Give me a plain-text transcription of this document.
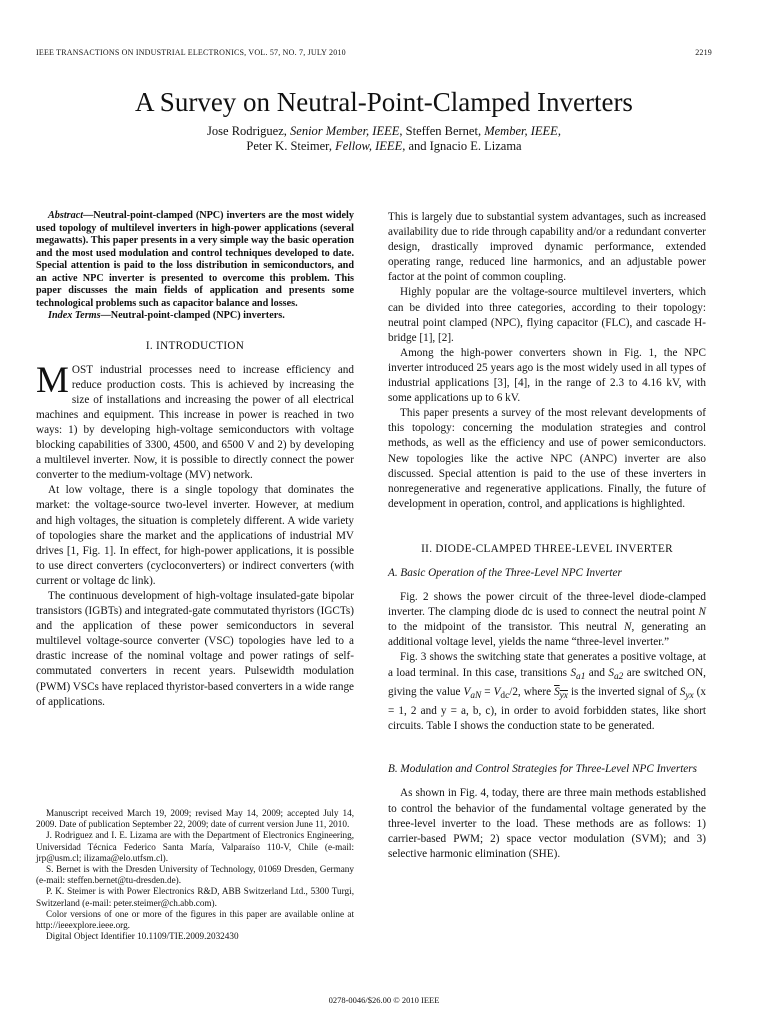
IEEE TRANSACTIONS ON INDUSTRIAL ELECTRONICS, VOL. 57, NO. 7, JULY 2010	2219
A Survey on Neutral-Point-Clamped Inverters
Jose Rodriguez, Senior Member, IEEE, Steffen Bernet, Member, IEEE,
Peter K. Steimer, Fellow, IEEE, and Ignacio E. Lizama

Abstract—Neutral-point-clamped (NPC) inverters are the most widely used topology of multilevel inverters in high-power applications (several megawatts). This paper presents in a very simple way the basic operation and the most used modulation and control techniques developed to date. Special attention is paid to the loss distribution in semiconductors, and an active NPC inverter is presented to overcome this problem. This paper discusses the main fields of application and presents some technological problems such as capacitor balance and losses.

Index Terms—Neutral-point-clamped (NPC) inverters.

I. INTRODUCTION

MOST industrial processes need to increase efficiency and reduce production costs. This is achieved by increasing the size of installations and increasing the power of all electrical machines and equipment. This increase in power is reached in two ways: 1) by developing high-voltage semiconductors with voltage blocking capabilities of 3300, 4500, and 6500 V and 2) by developing a multilevel inverter. Now, it is possible to directly connect the power converter to the medium-voltage (MV) network.

At low voltage, there is a single topology that dominates the market: the voltage-source two-level inverter. However, at medium and high voltages, the situation is completely different. A wide variety of topologies share the market and the applications of industrial MV drives [1, Fig. 1]. In effect, for high-power applications, it is possible to use direct converters (cycloconverters) or indirect converters (with current or voltage dc link).

The continuous development of high-voltage insulated-gate bipolar transistors (IGBTs) and integrated-gate commutated thyristors (IGCTs) and the application of these power semiconductors in several multilevel voltage-source converter (VSC) topologies have led to a drastic increase of the nominal voltage and power ratings of self-commutated converters in recent years. Pulsewidth modulation (PWM) VSCs have replaced thyristor-based converters in a wide range of applications.

Manuscript received March 19, 2009; revised May 14, 2009; accepted July 14, 2009. Date of publication September 22, 2009; date of current version June 11, 2010.

J. Rodriguez and I. E. Lizama are with the Department of Electronics Engineering, Universidad Técnica Federico Santa María, Valparaíso 110-V, Chile (e-mail: jrp@usm.cl; ilizama@elo.utfsm.cl).

S. Bernet is with the Dresden University of Technology, 01069 Dresden, Germany (e-mail: steffen.bernet@tu-dresden.de).

P. K. Steimer is with Power Electronics R&D, ABB Switzerland Ltd., 5300 Turgi, Switzerland (e-mail: peter.steimer@ch.abb.com).

Color versions of one or more of the figures in this paper are available online at http://ieeexplore.ieee.org.

Digital Object Identifier 10.1109/TIE.2009.2032430

This is largely due to substantial system advantages, such as increased availability due to ride through capability and/or a redundant converter design, drastically improved dynamic performance, extended operating range, reduced line harmonics, and an adjustable power factor at the point of common coupling.

Highly popular are the voltage-source multilevel inverters, which can be divided into three categories, according to their topology: neutral point clamped (NPC), flying capacitor (FLC), and cascade H-bridge [1], [2].

Among the high-power converters shown in Fig. 1, the NPC inverter introduced 25 years ago is the most widely used in all types of industrial applications [3], [4], in the range of 2.3 to 4.16 kV, with some applications up to 6 kV.

This paper presents a survey of the most relevant developments of this topology: concerning the modulation strategies and control methods, as well as the efficiency and use of power semiconductors. New topologies like the active NPC (ANPC) inverter are also discussed. Special attention is paid to the use of these inverters in nonregenerative and regenerative applications. Finally, the future of development in operation, control, and applications is highlighted.

II. DIODE-CLAMPED THREE-LEVEL INVERTER
A. Basic Operation of the Three-Level NPC Inverter

Fig. 2 shows the power circuit of the three-level diode-clamped inverter. The clamping diode dc is used to connect the neutral point N to the midpoint of the transistor. This neutral N, generating an additional voltage level, yields the name “three-level inverter.”

Fig. 3 shows the switching state that generates a positive voltage, at a load terminal. In this case, transitions $S_{a1}$ and $S_{a2}$ are switched ON, giving the value $V_{aN} = V_{dc}/2$, where $\overline{S}_{\overline{yx}}$ is the inverted signal of $S_{yx}$ (x = 1, 2 and y = a, b, c), in order to avoid forbidden states, like short circuits. Table I shows the conduction state to be generated.

B. Modulation and Control Strategies for Three-Level NPC Inverters

As shown in Fig. 4, today, there are three main methods established to control the behavior of the fundamental voltage generated by the three-level inverter to the load. These methods are as follows: 1) carrier-based PWM; 2) space vector modulation (SVM); and 3) selective harmonic elimination (SHE).

0278-0046/$26.00 © 2010 IEEE
